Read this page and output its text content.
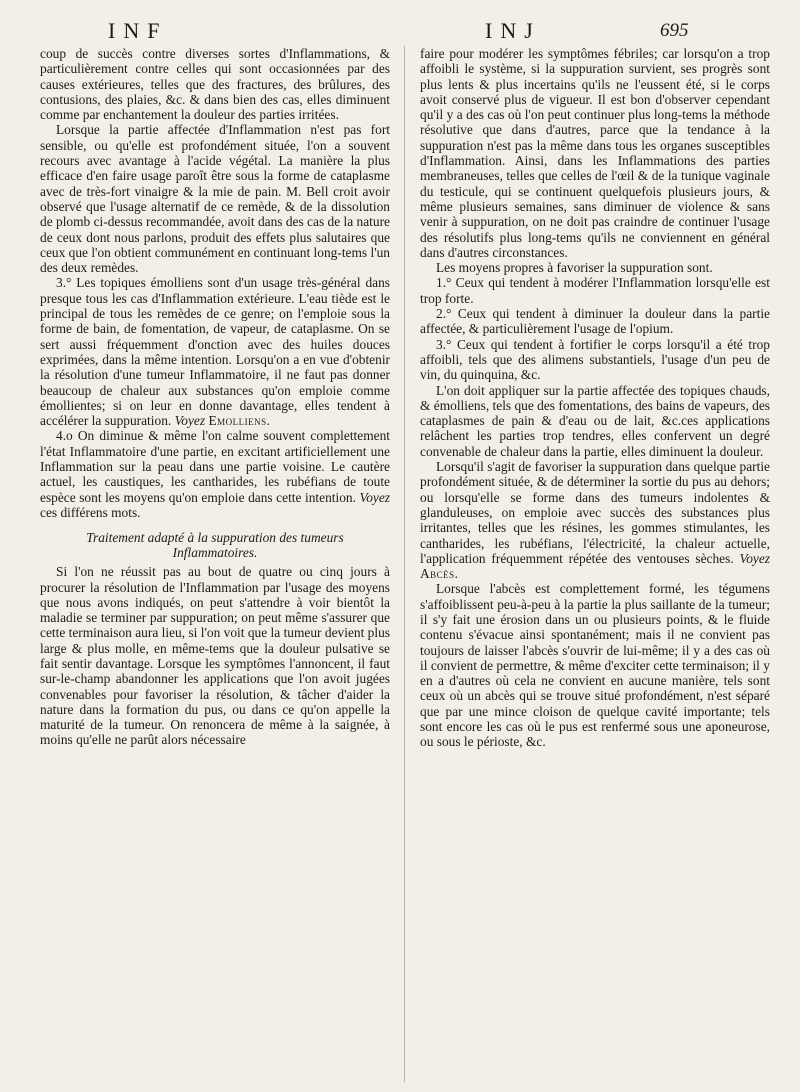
INF	INJ	695

coup de succès contre diverses sortes d'Inflammations, & particulièrement contre celles qui sont occasionnées par des causes extérieures, telles que des fractures, des brûlures, des contusions, des plaies, &c. & dans bien des cas, elles diminuent comme par enchantement la douleur des parties irritées.

Lorsque la partie affectée d'Inflammation n'est pas fort sensible, ou qu'elle est profondément située, l'on a souvent recours avec avantage à l'acide végétal. La manière la plus efficace d'en faire usage paroît être sous la forme de cataplasme avec de très-fort vinaigre & la mie de pain. M. Bell croit avoir observé que l'usage alternatif de ce remède, & de la dissolution de plomb ci-dessus recommandée, avoit dans des cas de la nature de ceux dont nous parlons, produit des effets plus salutaires que ceux que l'on obtient communément en continuant long-tems l'un des deux remèdes.

3.° Les topiques émolliens sont d'un usage très-général dans presque tous les cas d'Inflammation extérieure. L'eau tiède est le principal de tous les remèdes de ce genre; on l'emploie sous la forme de bain, de fomentation, de vapeur, de cataplasme. On se sert aussi fréquemment d'onction avec des huiles douces exprimées, dans la même intention. Lorsqu'on a en vue d'obtenir la résolution d'une tumeur Inflammatoire, il ne faut pas donner beaucoup de chaleur aux substances qu'on emploie comme émollientes; si on leur en donne davantage, elles tendent à accélérer la suppuration. Voyez Emolliens.

4.o On diminue & même l'on calme souvent complettement l'état Inflammatoire d'une partie, en excitant artificiellement une Inflammation sur la peau dans une partie voisine. Le cautère actuel, les caustiques, les cantharides, les rubéfians de toute espèce sont les moyens qu'on emploie dans cette intention. Voyez ces différens mots.

Traitement adapté à la suppuration des tumeurs
Inflammatoires.

Si l'on ne réussit pas au bout de quatre ou cinq jours à procurer la résolution de l'Inflammation par l'usage des moyens que nous avons indiqués, on peut s'attendre à voir bientôt la maladie se terminer par suppuration; on peut même s'assurer que cette terminaison aura lieu, si l'on voit que la tumeur devient plus large & plus molle, en même-tems que la douleur pulsative se fait sentir davantage. Lorsque les symptômes l'annoncent, il faut sur-le-champ abandonner les applications que l'on avoit jugées convenables pour favoriser la résolution, & tâcher d'aider la nature dans la formation du pus, ou dans ce qu'on appelle la maturité de la tumeur. On renoncera de même à la saignée, à moins qu'elle ne parût alors nécessaire

faire pour modérer les symptômes fébriles; car lorsqu'on a trop affoibli le système, si la suppuration survient, ses progrès sont plus lents & plus incertains qu'ils ne l'eussent été, si le corps avoit conservé plus de vigueur. Il est bon d'observer cependant qu'il y a des cas où l'on peut continuer plus long-tems la méthode résolutive que dans d'autres, parce que la tendance à la suppuration n'est pas la même dans tous les organes susceptibles d'Inflammation. Ainsi, dans les Inflammations des parties membraneuses, telles que celles de l'œil & de la tunique vaginale du testicule, qui se continuent quelquefois plusieurs jours, & même plusieurs semaines, sans diminuer de violence & sans venir à suppuration, on ne doit pas craindre de continuer l'usage des résolutifs plus long-tems qu'ils ne conviennent en général dans d'autres circonstances.

Les moyens propres à favoriser la suppuration sont.

1.° Ceux qui tendent à modérer l'Inflammation lorsqu'elle est trop forte.

2.° Ceux qui tendent à diminuer la douleur dans la partie affectée, & particulièrement l'usage de l'opium.

3.° Ceux qui tendent à fortifier le corps lorsqu'il a été trop affoibli, tels que des alimens substantiels, l'usage d'un peu de vin, du quinquina, &c.

L'on doit appliquer sur la partie affectée des topiques chauds, & émolliens, tels que des fomentations, des bains de vapeurs, des cataplasmes de pain & d'eau ou de lait, &c.ces applications relâchent les parties trop tendres, elles confervent un degré convenable de chaleur dans la partie, elles diminuent la douleur.

Lorsqu'il s'agit de favoriser la suppuration dans quelque partie profondément située, & de déterminer la sortie du pus au dehors; ou lorsqu'elle se forme dans des tumeurs indolentes & glanduleuses, on emploie avec succès des substances plus irritantes, telles que les résines, les gommes stimulantes, les cantharides, les rubéfians, l'électricité, la chaleur actuelle, l'application fréquemment répétée des ventouses sèches. Voyez Abcès.

Lorsque l'abcès est complettement formé, les tégumens s'affoiblissent peu-à-peu à la partie la plus saillante de la tumeur; il s'y fait une érosion dans un ou plusieurs points, & le fluide contenu s'évacue ainsi spontanément; mais il ne convient pas toujours de laisser l'abcès s'ouvrir de lui-même; il y a des cas où il convient de permettre, & même d'exciter cette terminaison; il y en a d'autres où cela ne convient en aucune manière, tels sont ceux où un abcès qui se trouve situé profondément, n'est séparé que par une mince cloison de quelque cavité importante; tels sont encore les cas où le pus est renfermé sous une aponeurose, ou sous le périoste, &c.
